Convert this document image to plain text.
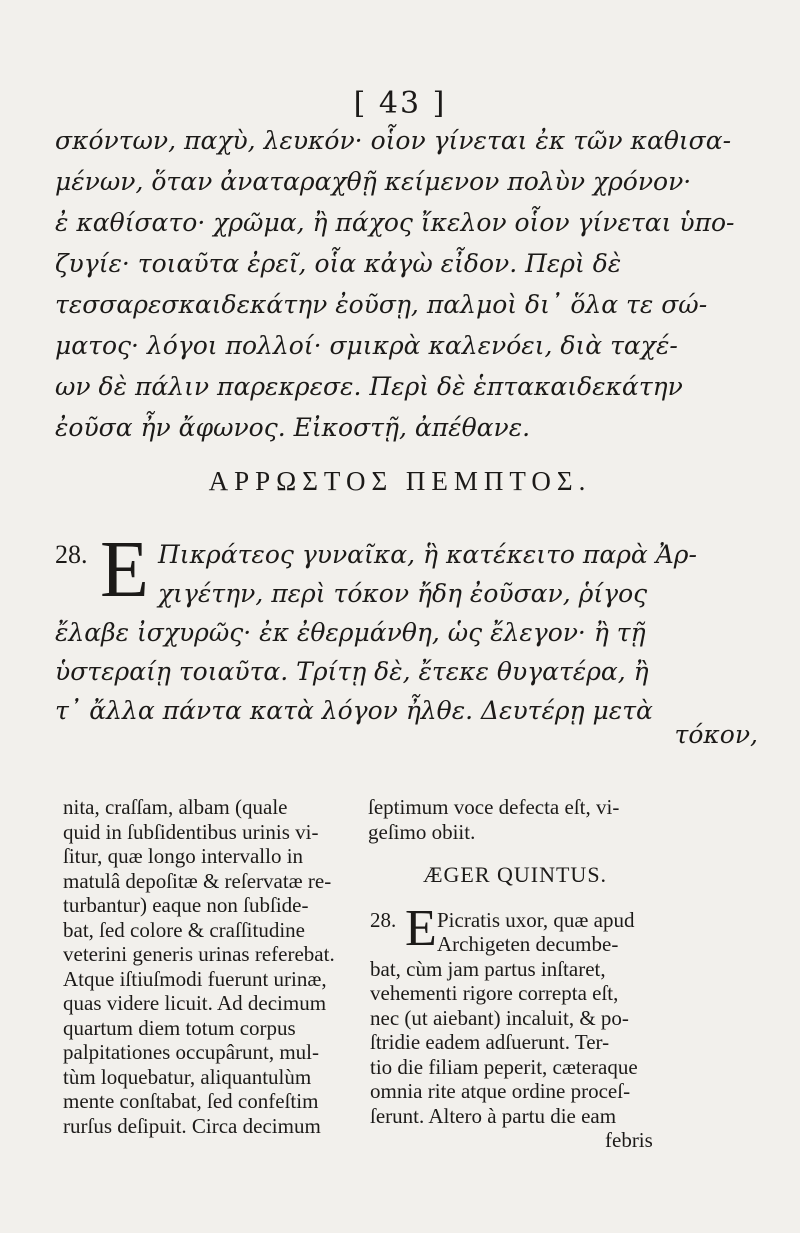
[ 43 ]

σκόντων, παχὺ, λευκόν· οἷον γίνεται ἐκ τῶν καθισα-
μένων, ὅταν ἀναταραχθῇ κείμενον πολὺν χρόνον·
ἐ καθίσατο· χρῶμα, ἢ πάχος ἴκελον οἷον γίνεται ὑπο-
ζυγίε· τοιαῦτα ἐρεῖ, οἷα κἀγὼ εἶδον. Περὶ δὲ
τεσσαρεσκαιδεκάτην ἐοῦσῃ, παλμοὶ δι᾽ ὅλα τε σώ-
ματος· λόγοι πολλοί· σμικρὰ καλενόει, διὰ ταχέ-
ων δὲ πάλιν παρεκρεσε. Περὶ δὲ ἑπτακαιδεκάτην
ἐοῦσα ἦν ἄφωνος. Εἰκοστῇ, ἀπέθανε.
ΑΡΡΩΣΤΟΣ ΠΕΜΠΤΟΣ.
28. E Πικράτεος γυναῖκα, ἣ κατέκειτο παρὰ Ἀρ-
χιγέτην, περὶ τόκον ἤδη ἐοῦσαν, ῥίγος
ἔλαβε ἰσχυρῶς· ἐκ ἐθερμάνθη, ὡς ἔλεγον· ἢ τῇ
ὑστεραίῃ τοιαῦτα. Τρίτῃ δὲ, ἔτεκε θυγατέρα, ἢ
τ᾽ ἄλλα πάντα κατὰ λόγον ἦλθε. Δευτέρῃ μετὰ
τόκον,
nita, craſſam, albam (quale
quid in ſubſidentibus urinis vi-
ſitur, quæ longo intervallo in
matulâ depoſitæ & reſervatæ re-
turbantur) eaque non ſubſide-
bat, ſed colore & craſſitudine
veterini generis urinas referebat.
Atque iſtiuſmodi fuerunt urinæ,
quas videre licuit. Ad decimum
quartum diem totum corpus
palpitationes occupârunt, mul-
tùm loquebatur, aliquantulùm
mente conſtabat, ſed confeſtim
rurſus deſipuit. Circa decimum
ſeptimum voce defecta eſt, vi-
geſimo obiit.
ÆGER QUINTUS.
28. E Picratis uxor, quæ apud
Archigeten decumbe-
bat, cùm jam partus inſtaret,
vehementi rigore correpta eſt,
nec (ut aiebant) incaluit, & po-
ſtridie eadem adſuerunt. Ter-
tio die filiam peperit, cæteraque
omnia rite atque ordine proceſ-
ſerunt. Altero à partu die eam
febris
